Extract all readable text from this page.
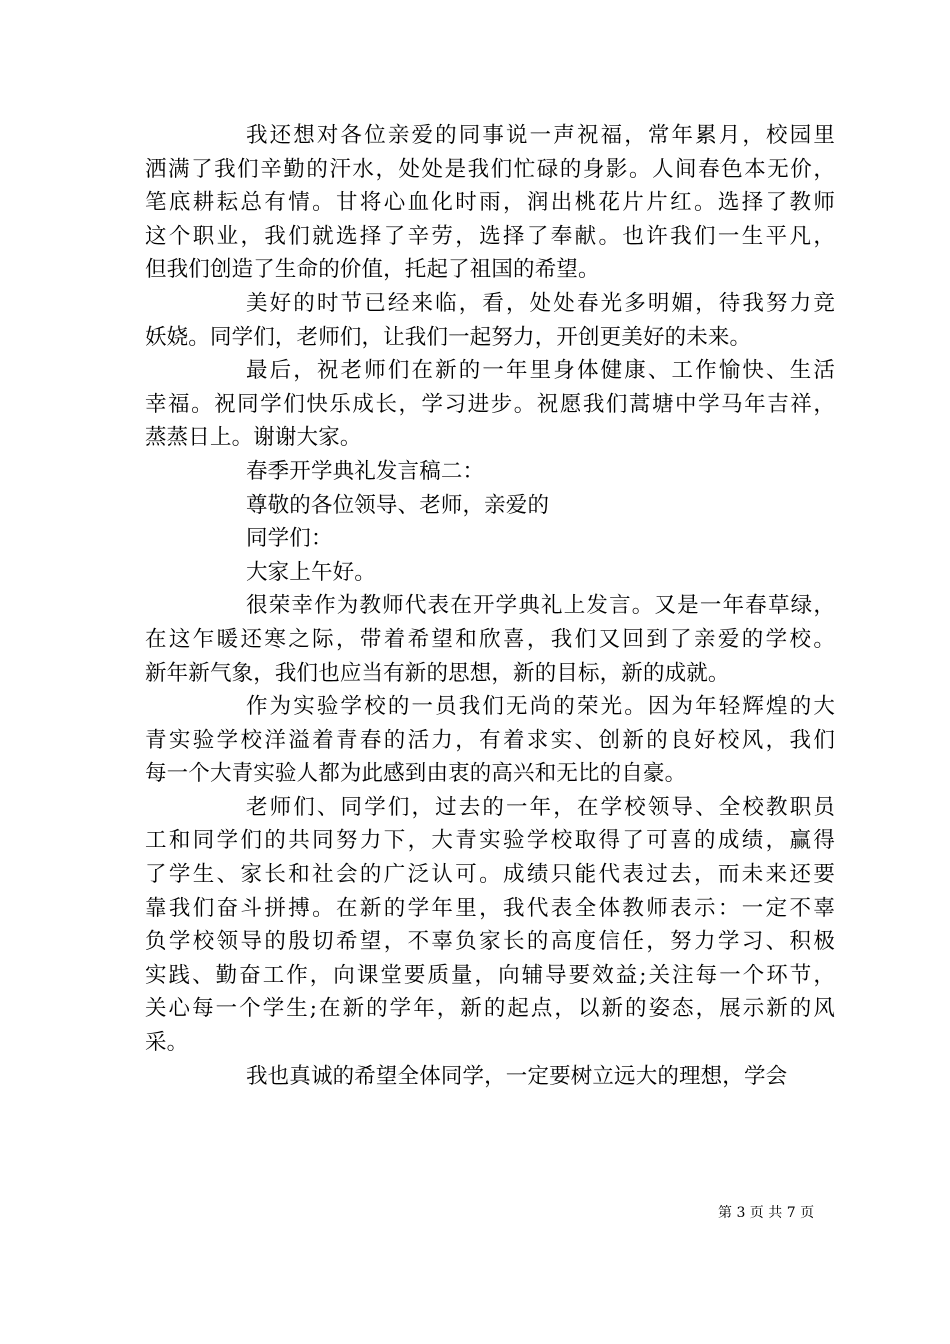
我还想对各位亲爱的同事说一声祝福，常年累月，校园里
洒满了我们辛勤的汗水，处处是我们忙碌的身影。人间春色本无价，
笔底耕耘总有情。甘将心血化时雨，润出桃花片片红。选择了教师
这个职业，我们就选择了辛劳，选择了奉献。也许我们一生平凡，
但我们创造了生命的价值，托起了祖国的希望。
美好的时节已经来临，看，处处春光多明媚，待我努力竞
妖娆。同学们，老师们，让我们一起努力，开创更美好的未来。
最后，祝老师们在新的一年里身体健康、工作愉快、生活
幸福。祝同学们快乐成长，学习进步。祝愿我们蒿塘中学马年吉祥，
蒸蒸日上。谢谢大家。
春季开学典礼发言稿二：
尊敬的各位领导、老师，亲爱的
同学们：
大家上午好。
很荣幸作为教师代表在开学典礼上发言。又是一年春草绿，
在这乍暖还寒之际，带着希望和欣喜，我们又回到了亲爱的学校。
新年新气象，我们也应当有新的思想，新的目标，新的成就。
作为实验学校的一员我们无尚的荣光。因为年轻辉煌的大
青实验学校洋溢着青春的活力，有着求实、创新的良好校风，我们
每一个大青实验人都为此感到由衷的高兴和无比的自豪。
老师们、同学们，过去的一年，在学校领导、全校教职员
工和同学们的共同努力下，大青实验学校取得了可喜的成绩，赢得
了学生、家长和社会的广泛认可。成绩只能代表过去，而未来还要
靠我们奋斗拼搏。在新的学年里，我代表全体教师表示：一定不辜
负学校领导的殷切希望，不辜负家长的高度信任，努力学习、积极
实践、勤奋工作，向课堂要质量，向辅导要效益;关注每一个环节，
关心每一个学生;在新的学年，新的起点，以新的姿态，展示新的风
采。
我也真诚的希望全体同学，一定要树立远大的理想，学会
第 3 页 共 7 页
